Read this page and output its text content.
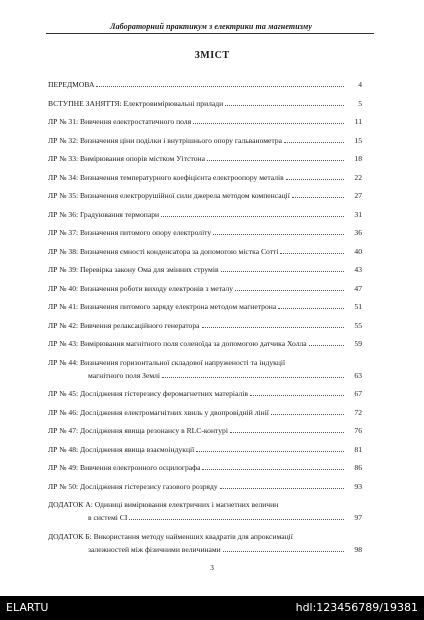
Лабораторний практикум з електрики та магнетизму
ЗМІСТ
ПЕРЕДМОВА	4
ВСТУПНЕ ЗАНЯТТЯ: Електровимірювальні прилади	5
ЛР № 31: Вивчення електростатичного поля	11
ЛР № 32: Визначення ціни поділки і внутрішнього опору гальванометра	15
ЛР № 33: Вимірювання опорів містком Уітстона	18
ЛР № 34: Визначення температурного коефіцієнта електроопору металів	22
ЛР № 35: Визначення електрорушійної сили джерела методом компенсації	27
ЛР № 36: Градуювання термопари	31
ЛР № 37: Визначення питомого опору електроліту	36
ЛР № 38: Визначення ємності конденсатора за допомогою містка Сотті	40
ЛР № 39: Перевірка закону Ома для змінних струмів	43
ЛР № 40: Визначення роботи виходу електронів з металу	47
ЛР № 41: Визначення питомого заряду електрона методом магнетрона	51
ЛР № 42: Вивчення релаксаційного генератора	55
ЛР № 43: Вимірювання магнітного поля соленоїда за допомогою датчика Холла	59
ЛР № 44: Визначення горизонтальної складової напруженості та індукції
магнітного поля Землі	63
ЛР № 45: Дослідження гістерезису феромагнетних матеріалів	67
ЛР № 46: Дослідження електромагнітних хвиль у двопровідній лінії	72
ЛР № 47: Дослідження явища резонансу в RLC-контурі	76
ЛР № 48: Дослідження явища взаємоіндукції	81
ЛР № 49: Вивчення електронного осцилографа	86
ЛР № 50: Дослідження гістерезису газового розряду	93
ДОДАТОК А: Одиниці вимірювання електричних і магнетних величин
в системі СІ	97
ДОДАТОК Б: Використання методу найменших квадратів для апроксимації
залежностей між фізичними величинами	98
3
ELARTU	hdl:123456789/19381
